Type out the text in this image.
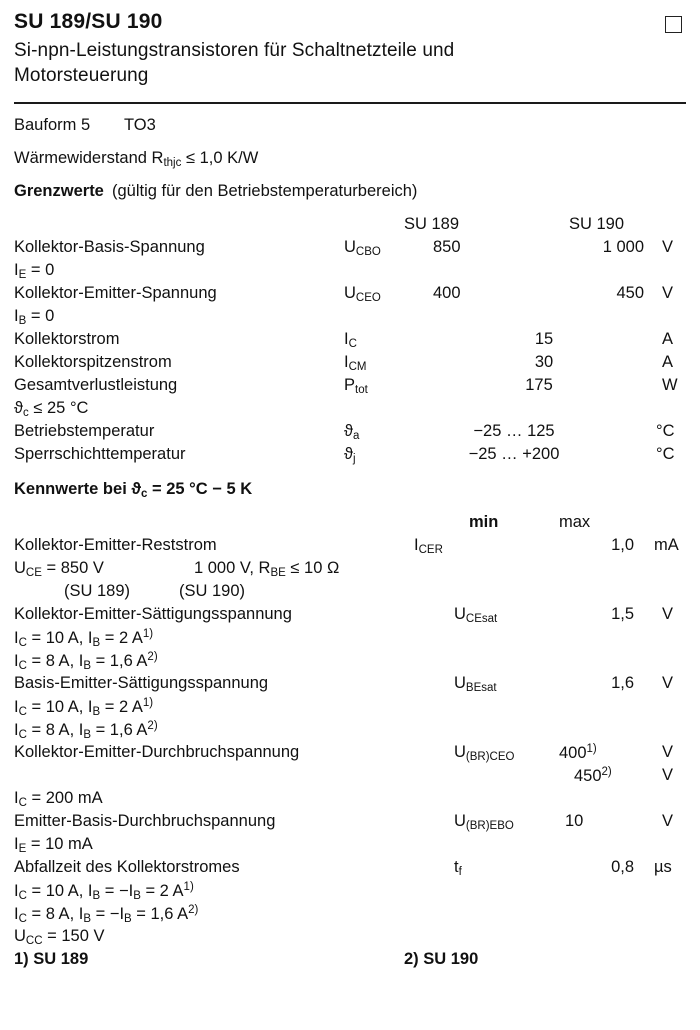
SU 189/SU 190
Si-npn-Leistungstransistoren für Schaltnetzteile und
Motorsteuerung
Bauform 5 TO3
Wärmewiderstand $R_{thjc} \le 1,0$ K/W
Grenzwerte (gültig für den Betriebstemperaturbereich)
SU 189	SU 190
Kollektor-Basis-Spannung	$U_{CBO}$	850	1 000 V
$I_E = 0$
Kollektor-Emitter-Spannung	$U_{CEO}$	400	450 V
$I_B = 0$
Kollektorstrom	$I_C$	15	A
Kollektorspitzenstrom	$I_{CM}$	30	A
Gesamtverlustleistung	$P_{tot}$	175	W
$ϑ_c \le 25$ °C
Betriebstemperatur	$ϑ_a$	−25 … 125	°C
Sperrschichttemperatur	$ϑ_j$	−25 … +200	°C
Kennwerte bei $ϑ_c = 25$ °C − 5 K
min	max
Kollektor-Emitter-Reststrom	$I_{CER}$	1,0 mA
$U_{CE} = 850$ V	1 000 V, $R_{BE} \le 10$ Ω
(SU 189)	(SU 190)
Kollektor-Emitter-Sättigungsspannung	$U_{CEsat}$	1,5 V
$I_C = 10$ A, $I_B = 2$ $A^{1)}$
$I_C = 8$ A, $I_B = 1,6$ $A^{2)}$
Basis-Emitter-Sättigungsspannung	$U_{BEsat}$	1,6 V
$I_C = 10$ A, $I_B = 2$ $A^{1)}$
$I_C = 8$ A, $I_B = 1,6$ $A^{2)}$
Kollektor-Emitter-Durchbruchspannung	$U_{(BR)CEO}$	400$^{1)}$	V
450$^{2)}$	V
$I_C = 200$ mA
Emitter-Basis-Durchbruchspannung	$U_{(BR)EBO}$	10	V
$I_E = 10$ mA
Abfallzeit des Kollektorstromes	$t_f$	0,8 µs
$I_C = 10$ A, $I_B = -I_B = 2$ $A^{1)}$
$I_C = 8$ A, $I_B = -I_B = 1,6$ $A^{2)}$
$U_{CC} = 150$ V
1) SU 189	2) SU 190
